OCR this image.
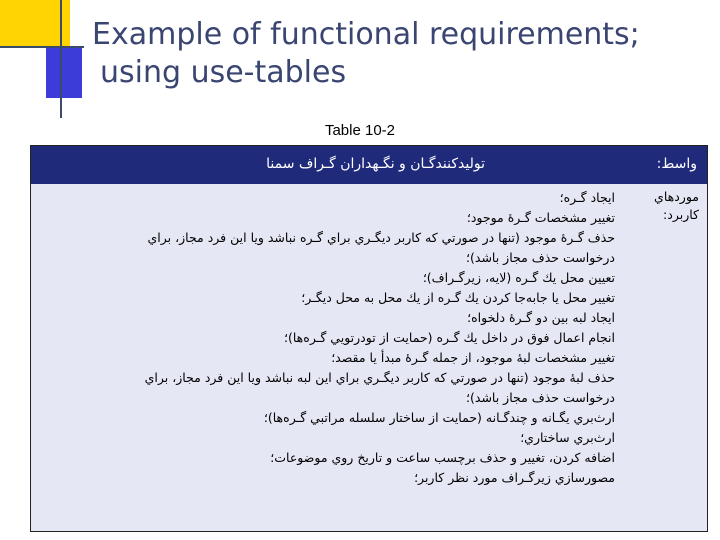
Example of functional requirements;
using use-tables
Table 10-2
واسط:
توليدكنندگـان و نگـهداران گـراف سمنا
موردهاي كاربرد:
ايجاد گـره؛
تغيير مشخصات گـرهٔ موجود؛
حذف گـرهٔ موجود (تنها در صورتي كه كاربر ديگـري براي گـره نباشد ويا اين فرد مجاز، براي
درخواست حذف مجاز باشد)؛
تعيين محل يك گـره (لايه، زيرگـراف)؛
تغيير محل يا جابه‌جا كردن يك گـره از يك محل به محل ديگـر؛
ايجاد لبه بين دو گـرهٔ دلخواه؛
انجام اعمال فوق در داخل يك گـره (حمايت از تودرتويي گـره‌ها)؛
تغيير مشخصات لبهٔ موجود، از جمله گـرهٔ مبدأ يا مقصد؛
حذف لبهٔ موجود (تنها در صورتي كه كاربر ديگـري براي اين لبه نباشد ويا اين فرد مجاز، براي
درخواست حذف مجاز باشد)؛
ارث‌بري يگـانه و چندگـانه (حمايت از ساختار سلسله مراتبي گـره‌ها)؛
ارث‌بري ساختاري؛
اضافه كردن، تغيير و حذف برچسب ساعت و تاريخ روي موضوعات؛
مصورسازي زيرگـراف مورد نظر كاربر؛
